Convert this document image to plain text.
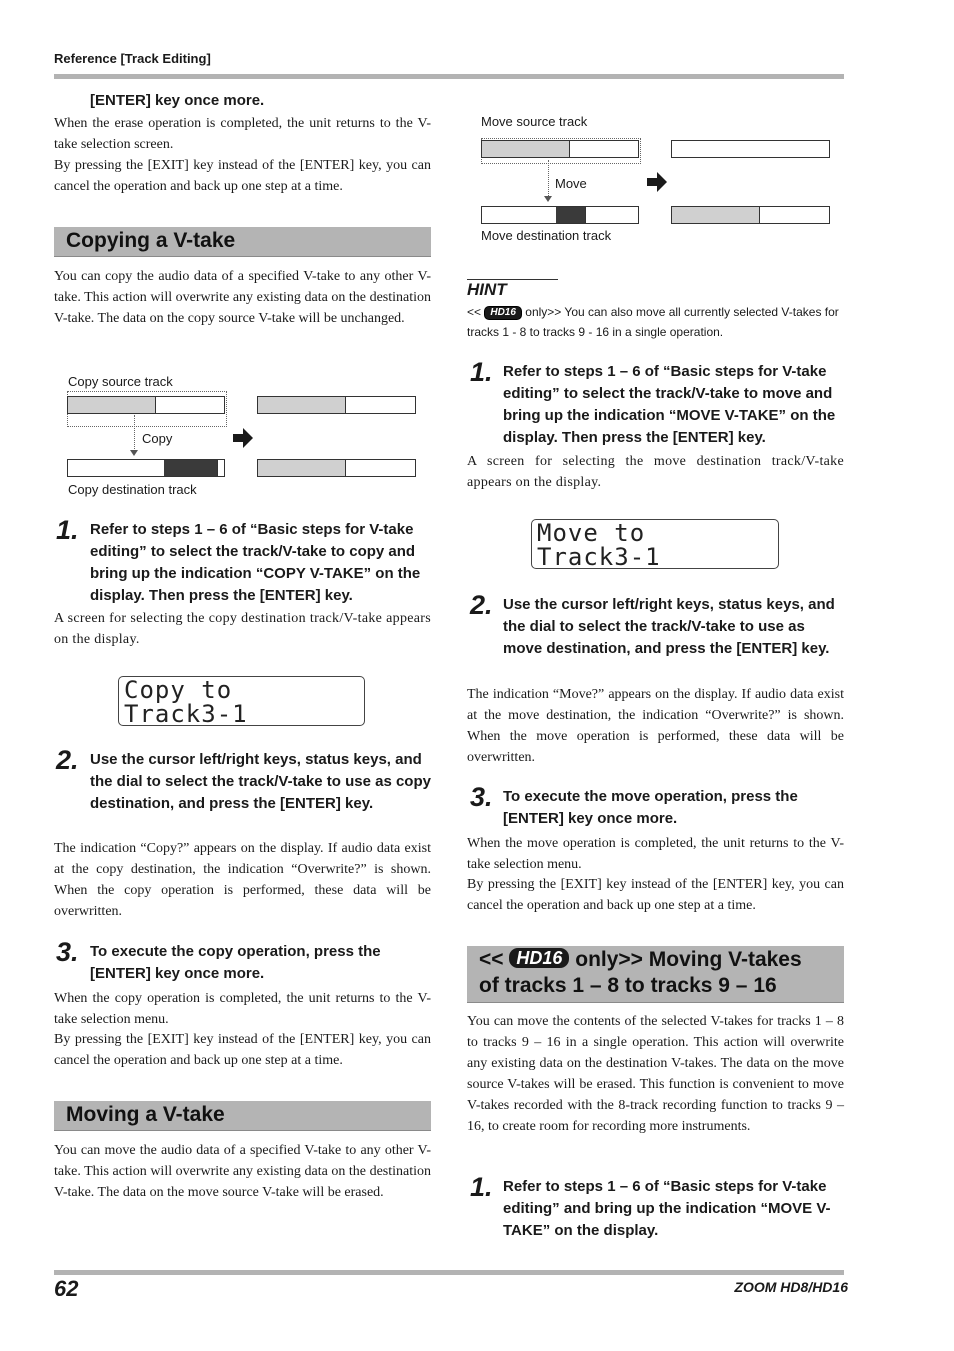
Reference [Track Editing]
[ENTER] key once more.

When the erase operation is completed, the unit returns to the V-take selection screen.

By pressing the [EXIT] key instead of the [ENTER] key, you can cancel the operation and back up one step at a time.

Copying a V-take

You can copy the audio data of a specified V-take to any other V-take. This action will overwrite any existing data on the destination V-take. The data on the copy source V-take will be unchanged.

Copy source track
Copy
Copy destination track
1. Refer to steps 1 – 6 of “Basic steps for V-take editing” to select the track/V-take to copy and bring up the indication “COPY V-TAKE” on the display. Then press the [ENTER] key.

A screen for selecting the copy destination track/V-take appears on the display.

Copy to
Track3-1
2. Use the cursor left/right keys, status keys, and the dial to select the track/V-take to use as copy destination, and press the [ENTER] key.

The indication “Copy?” appears on the display. If audio data exist at the copy destination, the indication “Overwrite?” is shown. When the copy operation is performed, these data will be overwritten.

3. To execute the copy operation, press the [ENTER] key once more.

When the copy operation is completed, the unit returns to the V-take selection menu.

By pressing the [EXIT] key instead of the [ENTER] key, you can cancel the operation and back up one step at a time.

Moving a V-take

You can move the audio data of a specified V-take to any other V-take. This action will overwrite any existing data on the destination V-take. The data on the move source V-take will be erased.

Move source track
Move
Move destination track
HINT

<< HD16 only>> You can also move all currently selected V-takes for tracks 1 - 8 to tracks 9 - 16 in a single operation.

1. Refer to steps 1 – 6 of “Basic steps for V-take editing” to select the track/V-take to move and bring up the indication “MOVE V-TAKE” on the display. Then press the [ENTER] key.

A screen for selecting the move destination track/V-take appears on the display.

Move to
Track3-1
2. Use the cursor left/right keys, status keys, and the dial to select the track/V-take to use as move destination, and press the [ENTER] key.

The indication “Move?” appears on the display. If audio data exist at the move destination, the indication “Overwrite?” is shown. When the move operation is performed, these data will be overwritten.

3. To execute the move operation, press the [ENTER] key once more.

When the move operation is completed, the unit returns to the V-take selection menu.

By pressing the [EXIT] key instead of the [ENTER] key, you can cancel the operation and back up one step at a time.

<< HD16 only>> Moving V-takes
of tracks 1 – 8 to tracks 9 – 16

You can move the contents of the selected V-takes for tracks 1 – 8 to tracks 9 – 16 in a single operation. This action will overwrite any existing data on the destination V-takes. The data on the move source V-takes will be erased. This function is convenient to move V-takes recorded with the 8-track recording function to tracks 9 – 16, to create room for recording more instruments.

1. Refer to steps 1 – 6 of “Basic steps for V-take editing” and bring up the indication “MOVE V-TAKE” on the display.

62	ZOOM HD8/HD16
